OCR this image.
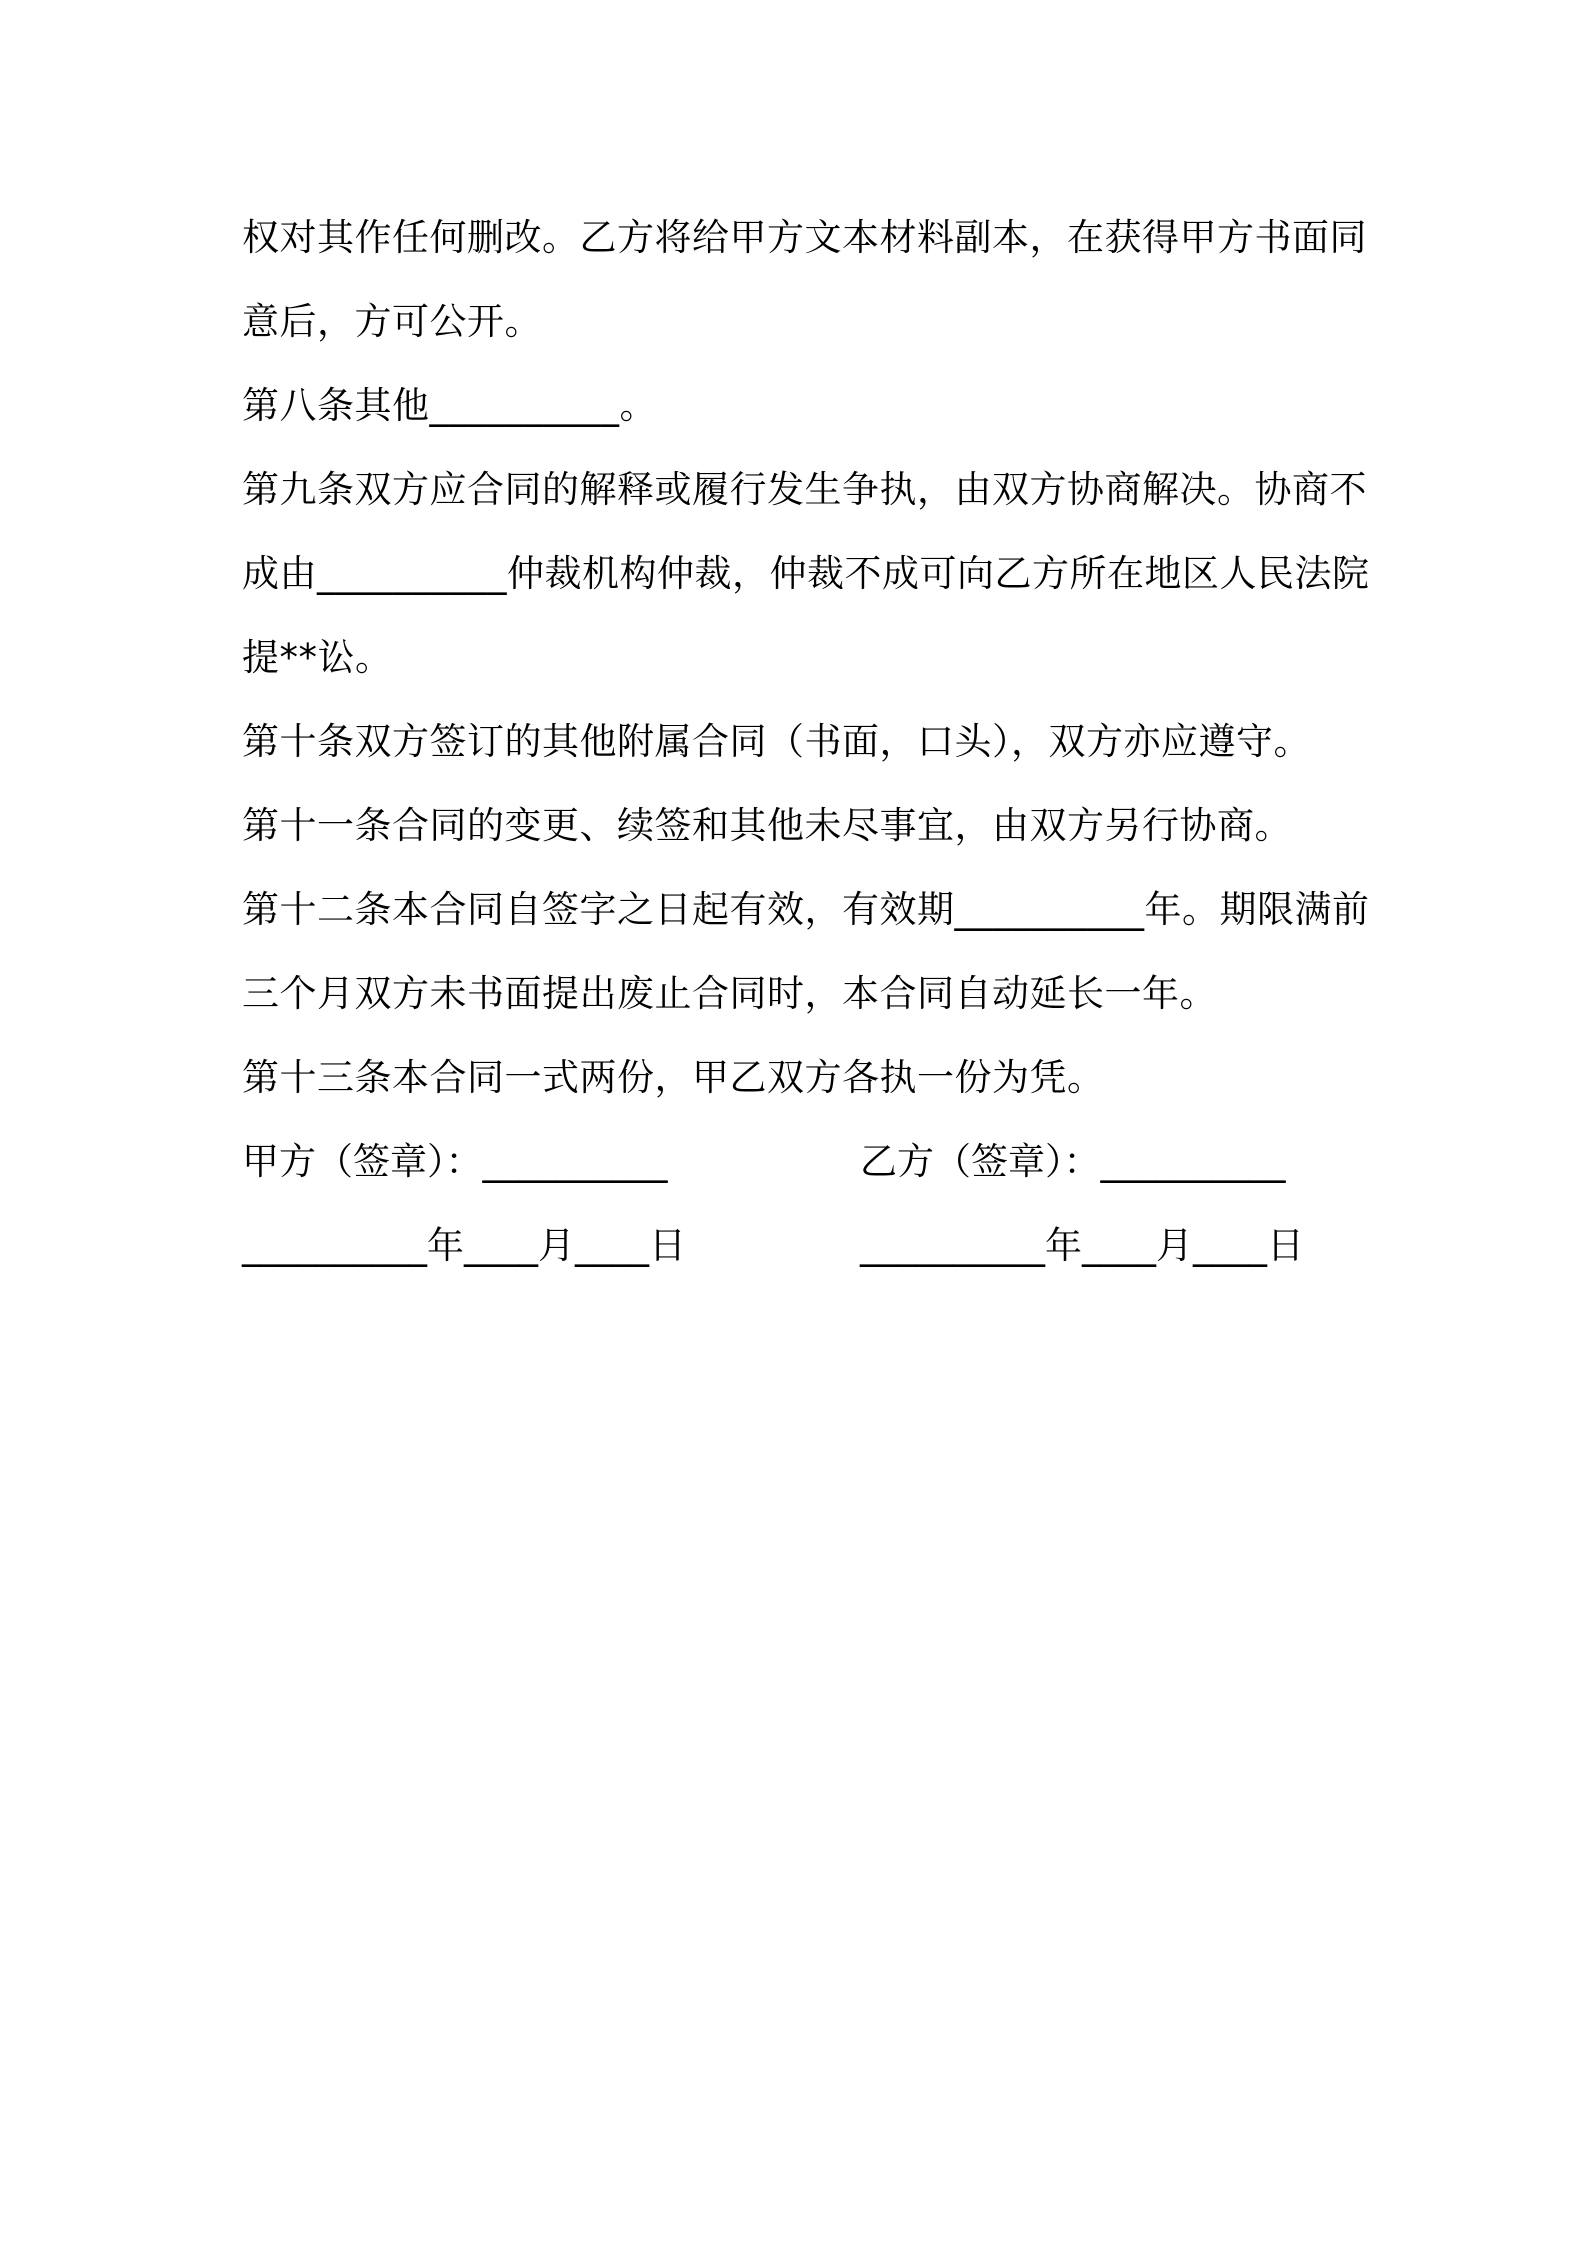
权对其作任何删改。乙方将给甲方文本材料副本，在获得甲方书面同
意后，方可公开。
第八条其他__________。
第九条双方应合同的解释或履行发生争执，由双方协商解决。协商不
成由__________仲裁机构仲裁，仲裁不成可向乙方所在地区人民法院
提**讼。
第十条双方签订的其他附属合同（书面，口头），双方亦应遵守。
第十一条合同的变更、续签和其他未尽事宜，由双方另行协商。
第十二条本合同自签字之日起有效，有效期__________年。期限满前
三个月双方未书面提出废止合同时，本合同自动延长一年。
第十三条本合同一式两份，甲乙双方各执一份为凭。
甲方（签章）：__________	乙方（签章）：__________
__________年____月____日	__________年____月____日
